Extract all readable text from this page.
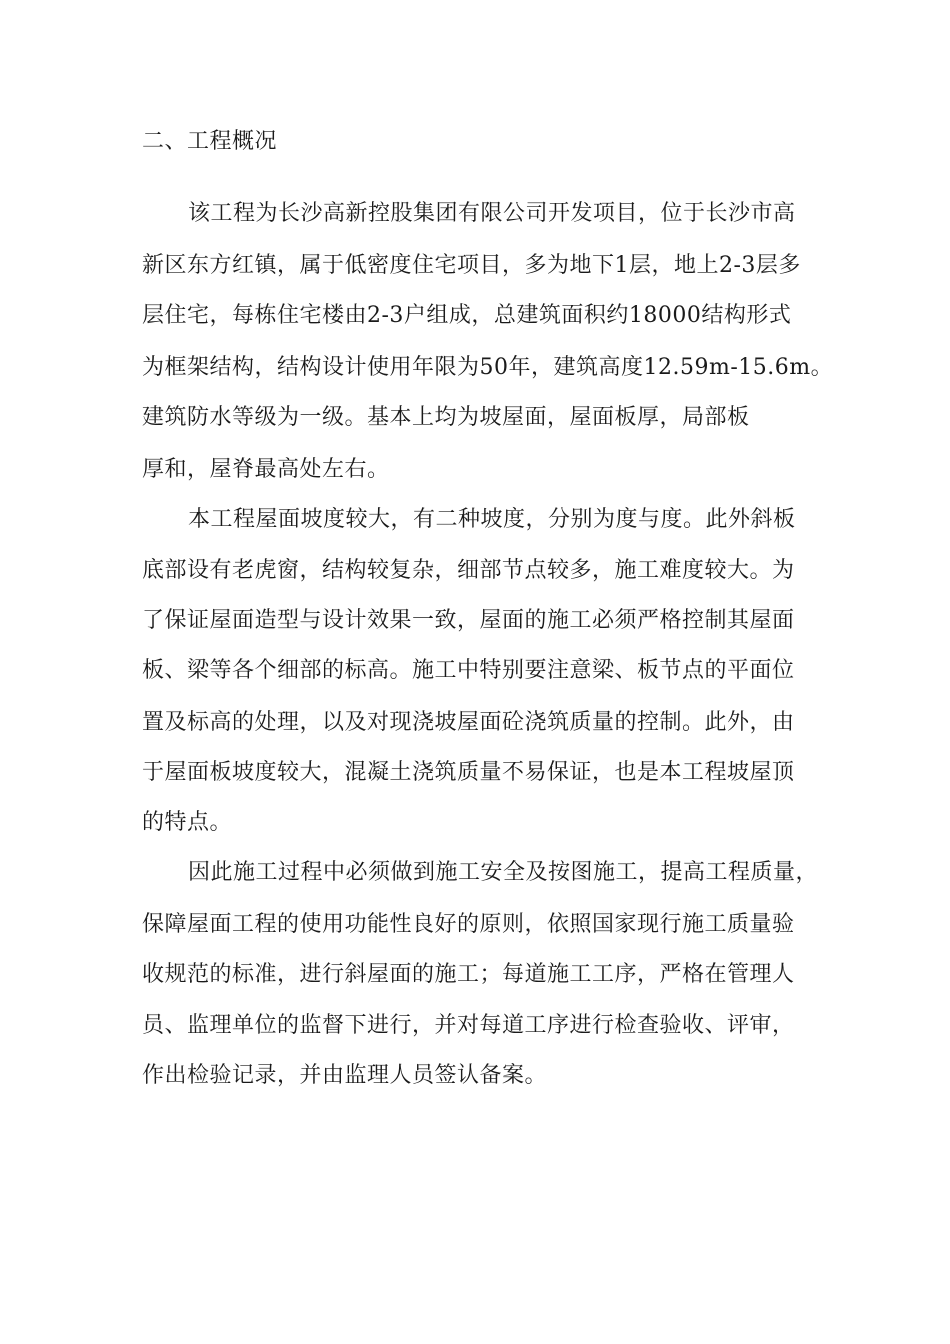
二、工程概况
该工程为长沙高新控股集团有限公司开发项目，位于长沙市高
新区东方红镇，属于低密度住宅项目，多为地下1层，地上2-3层多
层住宅，每栋住宅楼由2-3户组成，总建筑面积约18000结构形式
为框架结构，结构设计使用年限为50年，建筑高度12.59m-15.6m。
建筑防水等级为一级。基本上均为坡屋面，屋面板厚，局部板
厚和，屋脊最高处左右。
本工程屋面坡度较大，有二种坡度，分别为度与度。此外斜板
底部设有老虎窗，结构较复杂，细部节点较多，施工难度较大。为
了保证屋面造型与设计效果一致，屋面的施工必须严格控制其屋面
板、梁等各个细部的标高。施工中特别要注意梁、板节点的平面位
置及标高的处理，以及对现浇坡屋面砼浇筑质量的控制。此外，由
于屋面板坡度较大，混凝土浇筑质量不易保证，也是本工程坡屋顶
的特点。
因此施工过程中必须做到施工安全及按图施工，提高工程质量，
保障屋面工程的使用功能性良好的原则，依照国家现行施工质量验
收规范的标准，进行斜屋面的施工；每道施工工序，严格在管理人
员、监理单位的监督下进行，并对每道工序进行检查验收、评审，
作出检验记录，并由监理人员签认备案。
